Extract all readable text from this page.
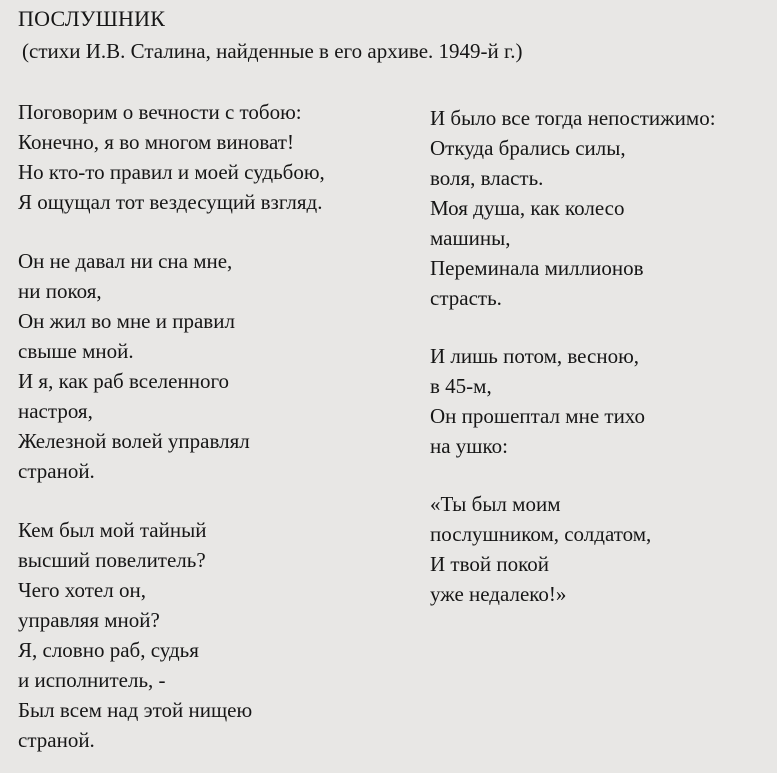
ПОСЛУШНИК
(стихи И.В. Сталина, найденные в его архиве. 1949-й г.)
Поговорим о вечности с тобою:
Конечно, я во многом виноват!
Но кто-то правил и моей судьбою,
Я ощущал тот вездесущий взгляд.
Он не давал ни сна мне,
ни покоя,
Он жил во мне и правил
свыше мной.
И я, как раб вселенного
настроя,
Железной волей управлял
страной.
Кем был мой тайный
высший повелитель?
Чего хотел он,
управляя мной?
Я, словно раб, судья
и исполнитель, -
Был всем над этой нищею
страной.
И было все тогда непостижимо:
Откуда брались силы,
воля, власть.
Моя душа, как колесо
машины,
Переминала миллионов
страсть.
И лишь потом, весною,
в 45-м,
Он прошептал мне тихо
на ушко:
«Ты был моим
послушником, солдатом,
И твой покой
уже недалеко!»
